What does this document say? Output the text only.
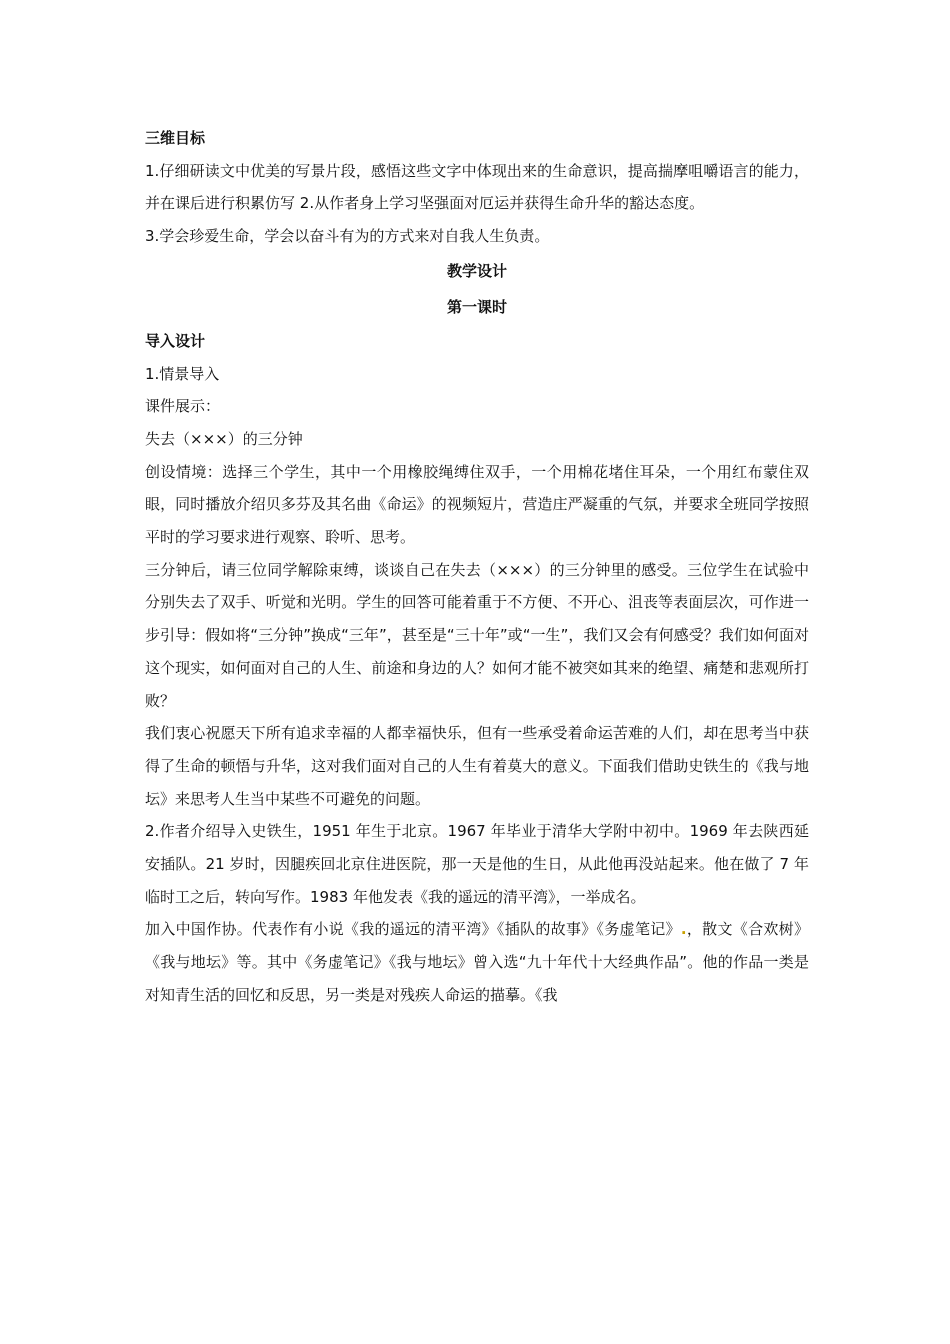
三维目标

1.仔细研读文中优美的写景片段，感悟这些文字中体现出来的生命意识，提高揣摩咀嚼语言的能力，并在课后进行积累仿写 2.从作者身上学习坚强面对厄运并获得生命升华的豁达态度。

3.学会珍爱生命，学会以奋斗有为的方式来对自我人生负责。

教学设计

第一课时

导入设计

1.情景导入

课件展示：

失去（×××）的三分钟

创设情境：选择三个学生，其中一个用橡胶绳缚住双手，一个用棉花堵住耳朵，一个用红布蒙住双眼，同时播放介绍贝多芬及其名曲《命运》的视频短片，营造庄严凝重的气氛，并要求全班同学按照平时的学习要求进行观察、聆听、思考。

三分钟后，请三位同学解除束缚，谈谈自己在失去（×××）的三分钟里的感受。三位学生在试验中分别失去了双手、听觉和光明。学生的回答可能着重于不方便、不开心、沮丧等表面层次，可作进一步引导：假如将“三分钟”换成“三年”，甚至是“三十年”或“一生”，我们又会有何感受？我们如何面对这个现实，如何面对自己的人生、前途和身边的人？如何才能不被突如其来的绝望、痛楚和悲观所打败？

我们衷心祝愿天下所有追求幸福的人都幸福快乐，但有一些承受着命运苦难的人们，却在思考当中获得了生命的顿悟与升华，这对我们面对自己的人生有着莫大的意义。下面我们借助史铁生的《我与地坛》来思考人生当中某些不可避免的问题。

2.作者介绍导入史铁生，1951 年生于北京。1967 年毕业于清华大学附中初中。1969 年去陕西延安插队。21 岁时，因腿疾回北京住进医院，那一天是他的生日，从此他再没站起来。他在做了 7 年临时工之后，转向写作。1983 年他发表《我的遥远的清平湾》，一举成名。

加入中国作协。代表作有小说《我的遥远的清平湾》《插队的故事》《务虚笔记》.，散文《合欢树》《我与地坛》等。其中《务虚笔记》《我与地坛》曾入选“九十年代十大经典作品”。他的作品一类是对知青生活的回忆和反思，另一类是对残疾人命运的描摹。《我
